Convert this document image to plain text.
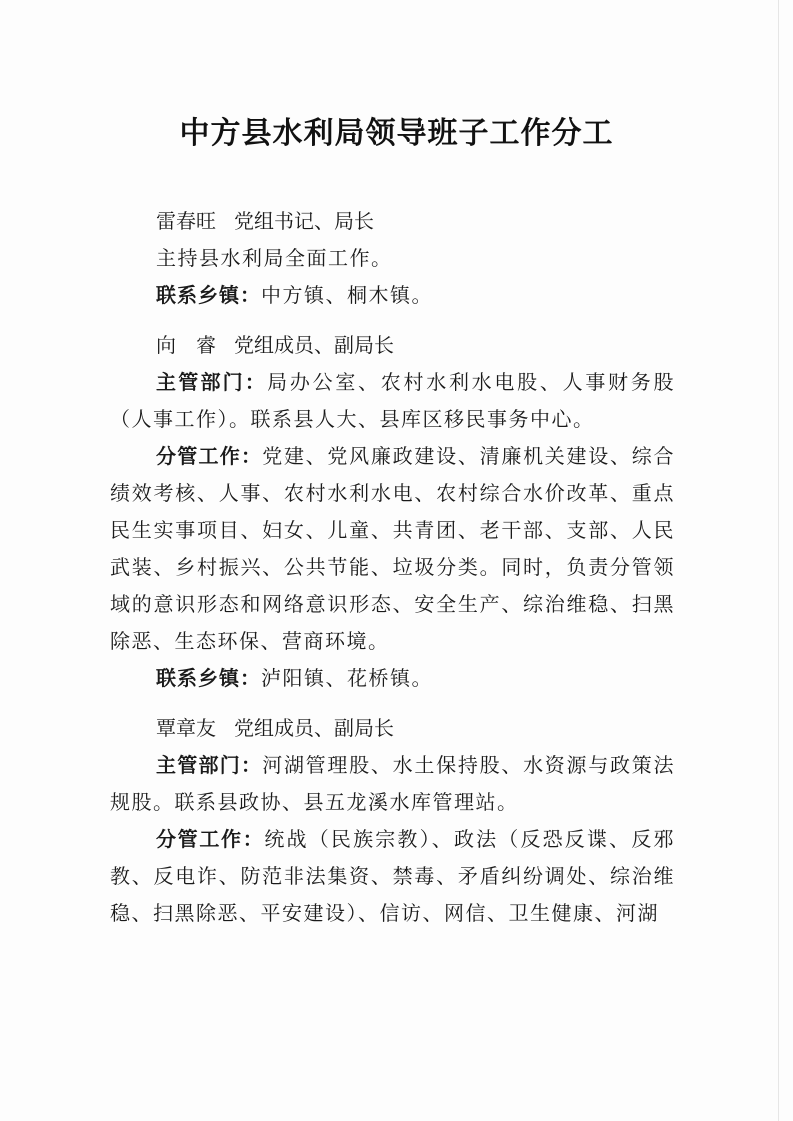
中方县水利局领导班子工作分工
雷春旺 党组书记、局长

主持县水利局全面工作。

联系乡镇：中方镇、桐木镇。

向　睿 党组成员、副局长

主管部门：局办公室、农村水利水电股、人事财务股（人事工作）。联系县人大、县库区移民事务中心。

分管工作：党建、党风廉政建设、清廉机关建设、综合绩效考核、人事、农村水利水电、农村综合水价改革、重点民生实事项目、妇女、儿童、共青团、老干部、支部、人民武装、乡村振兴、公共节能、垃圾分类。同时，负责分管领域的意识形态和网络意识形态、安全生产、综治维稳、扫黑除恶、生态环保、营商环境。

联系乡镇：泸阳镇、花桥镇。

覃章友 党组成员、副局长

主管部门：河湖管理股、水土保持股、水资源与政策法规股。联系县政协、县五龙溪水库管理站。

分管工作：统战（民族宗教）、政法（反恐反谍、反邪教、反电诈、防范非法集资、禁毒、矛盾纠纷调处、综治维稳、扫黑除恶、平安建设）、信访、网信、卫生健康、河湖
